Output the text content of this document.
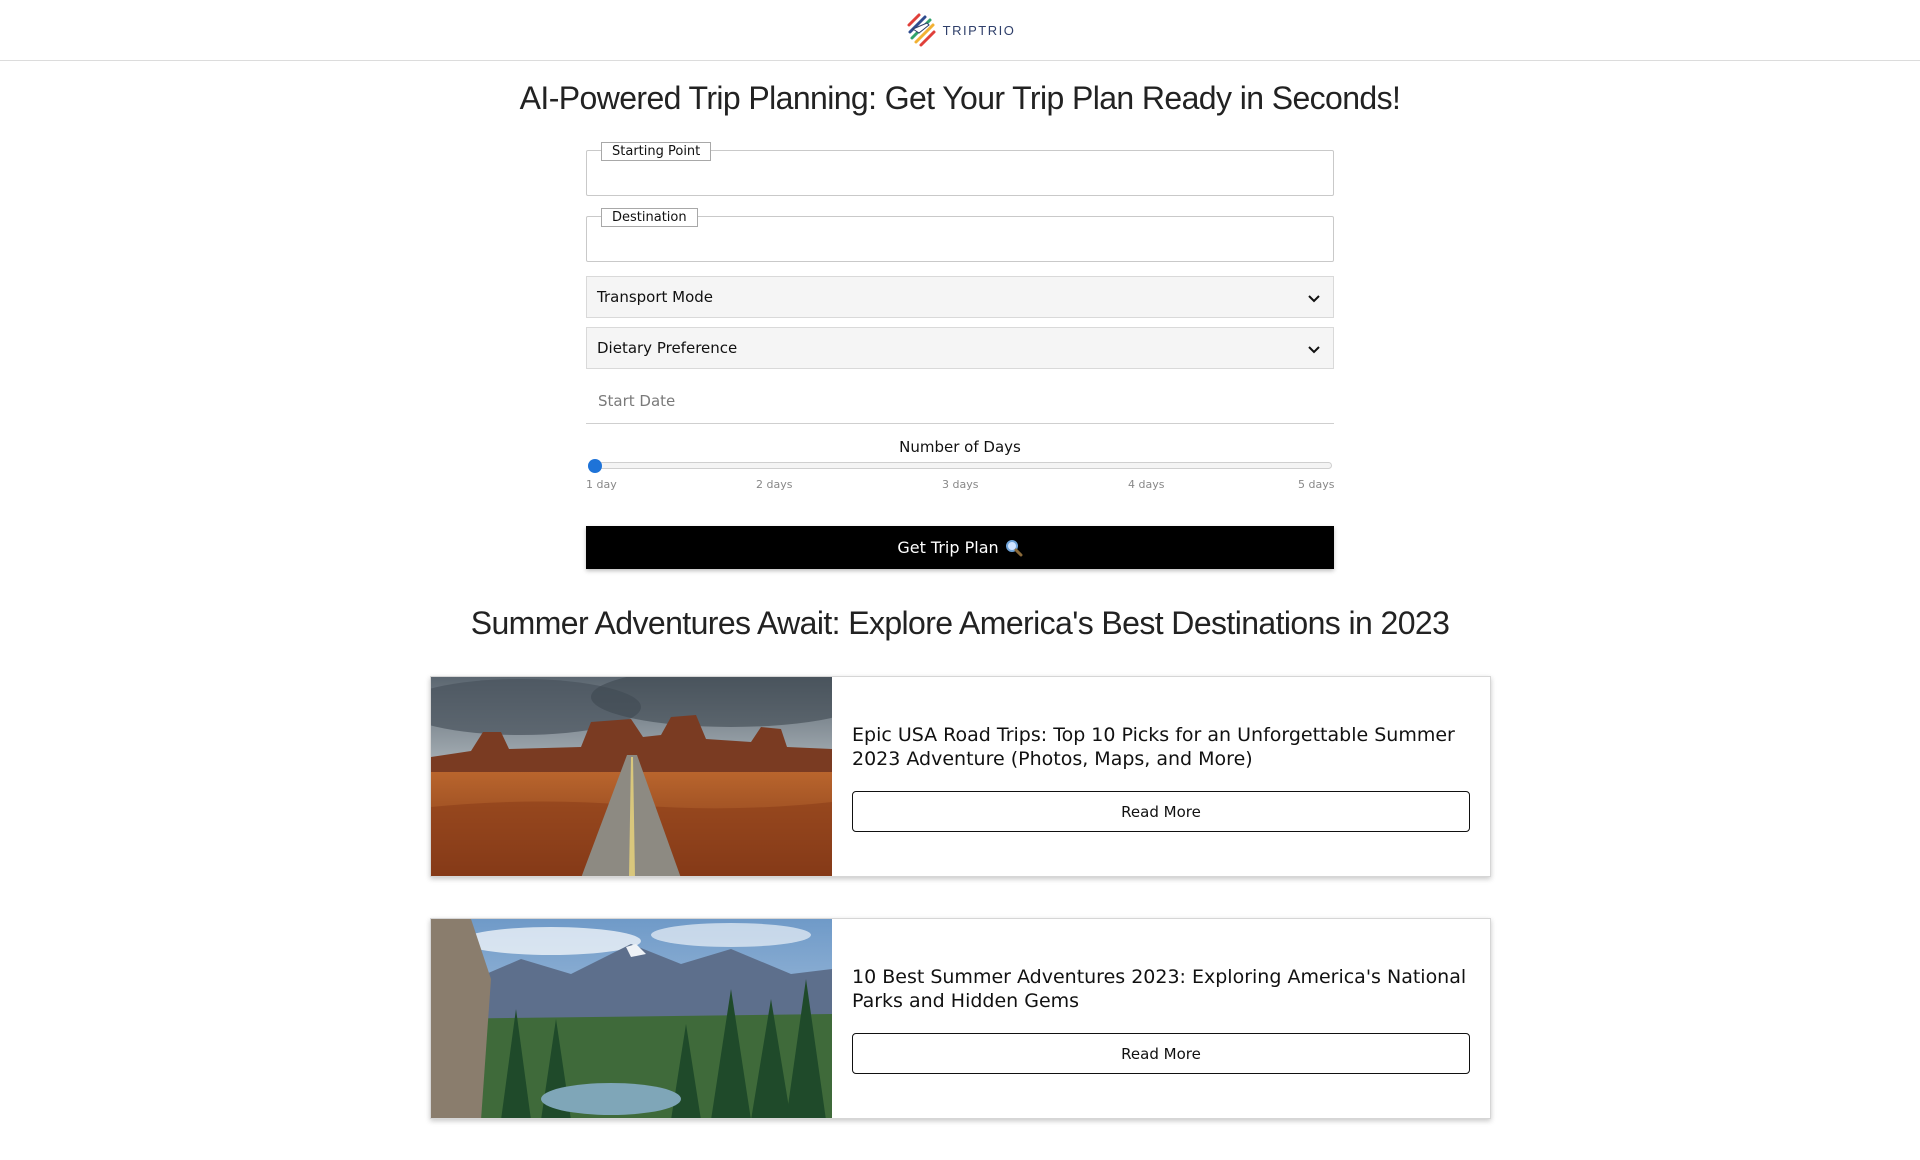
TRIPTRIO
AI-Powered Trip Planning: Get Your Trip Plan Ready in Seconds!
Starting Point
Destination
Transport Mode
Dietary Preference
Start Date
Number of Days
1 day	2 days	3 days	4 days	5 days
Get Trip Plan
Summer Adventures Await: Explore America's Best Destinations in 2023
Epic USA Road Trips: Top 10 Picks for an Unforgettable Summer 2023 Adventure (Photos, Maps, and More)
Read More
10 Best Summer Adventures 2023: Exploring America's National Parks and Hidden Gems
Read More
